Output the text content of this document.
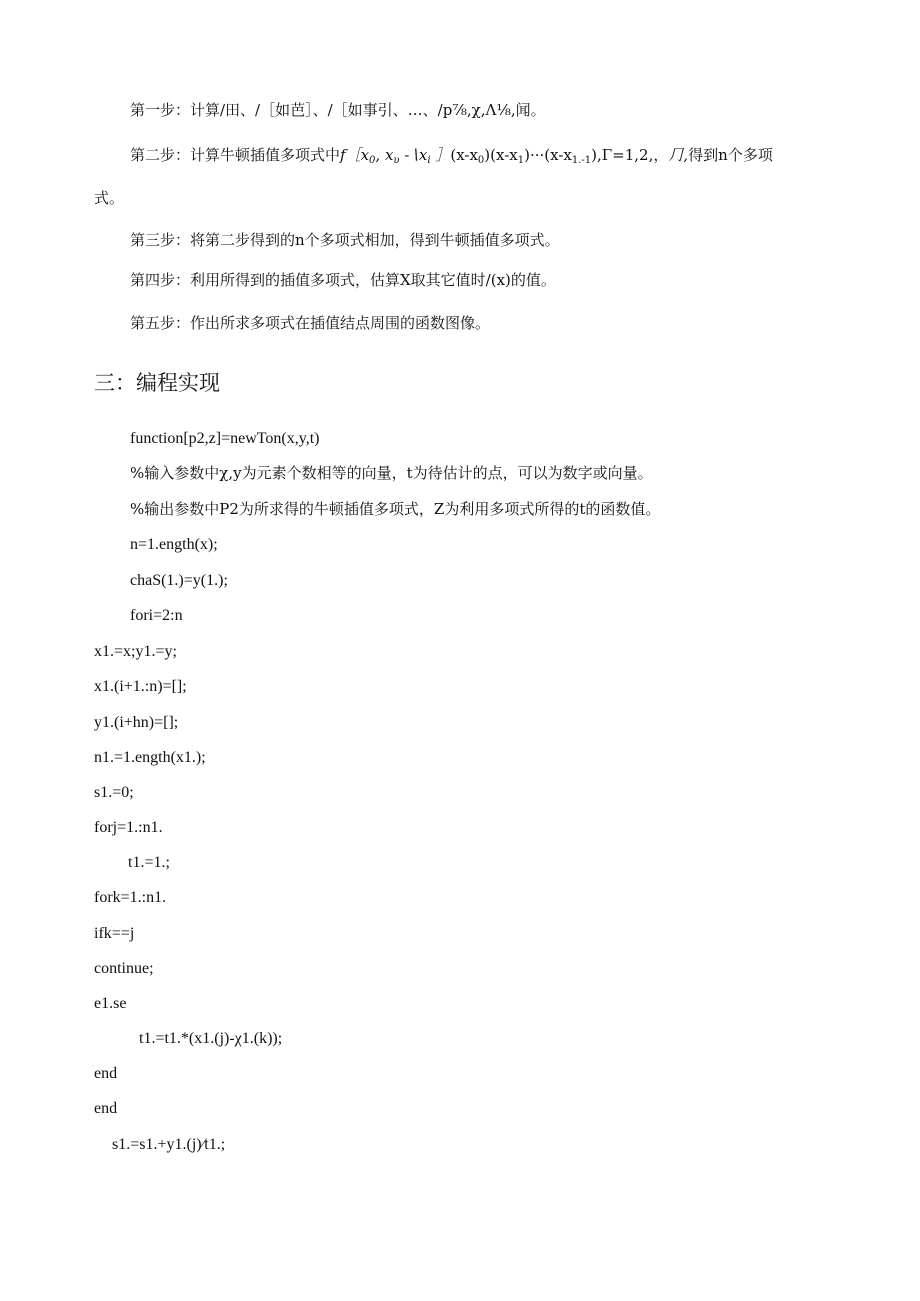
第一步：计算/田、/［如芭］、/［如事引、…、/p⅞,χ,Λ⅛,闻。
第二步：计算牛顿插值多项式中$f[x_0$, $x_\upsilon$ $-∖x_i$ $](x-x_0)(x-x_1)\cdot\cdot\cdot(x-x_{1.-1}),\Gamma=1,2$,，⺆,得到n个多项
式。
第三步：将第二步得到的n个多项式相加，得到牛顿插值多项式。
第四步：利用所得到的插值多项式，估算X取其它值时/(x)的值。
第五步：作出所求多项式在插值结点周围的函数图像。
三：编程实现
function[p2,z]=newTon(x,y,t)
%输入参数中χ,y为元素个数相等的向量，t为待估计的点，可以为数字或向量。
%输出参数中P2为所求得的牛顿插值多项式，Z为利用多项式所得的t的函数值。
n=1.ength(x);
chaS(1.)=y(1.);
fori=2:n
x1.=x;y1.=y;
x1.(i+1.:n)=[];
y1.(i+hn)=[];
n1.=1.ength(x1.);
s1.=0;
forj=1.:n1.
t1.=1.;
fork=1.:n1.
ifk==j
continue;
e1.se
t1.=t1.*(x1.(j)-χ1.(k));
end
end
s1.=s1.+y1.(j)⁄t1.;
